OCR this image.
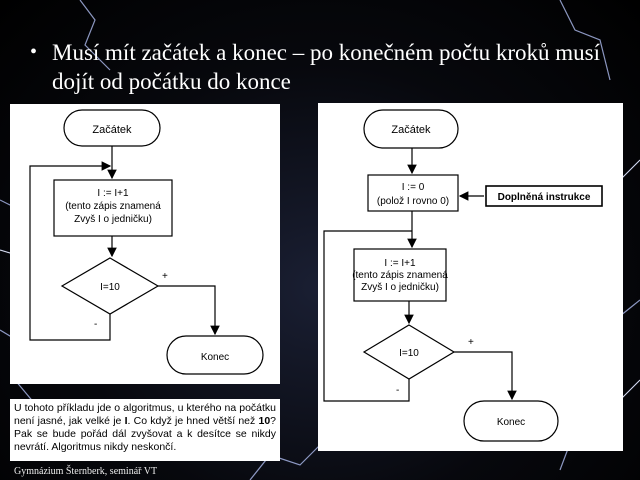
• Musí mít začátek a konec – po konečném počtu kroků musí dojít od počátku do konce
Začátek
I := I+1
(tento zápis znamená
Zvyš I o jedničku)
I=10
+
-
Konec
Začátek
I := 0
(polož I rovno 0)	Doplněná instrukce
I := I+1
(tento zápis znamená
Zvyš I o jedničku)
I=10
+
-
Konec
U tohoto příkladu jde o algoritmus, u kterého na počátku není jasné, jak velké je I. Co když je hned větší než 10? Pak se bude pořád dál zvyšovat a k desítce se nikdy nevrátí. Algoritmus nikdy neskončí.
Gymnázium Šternberk, seminář VT
